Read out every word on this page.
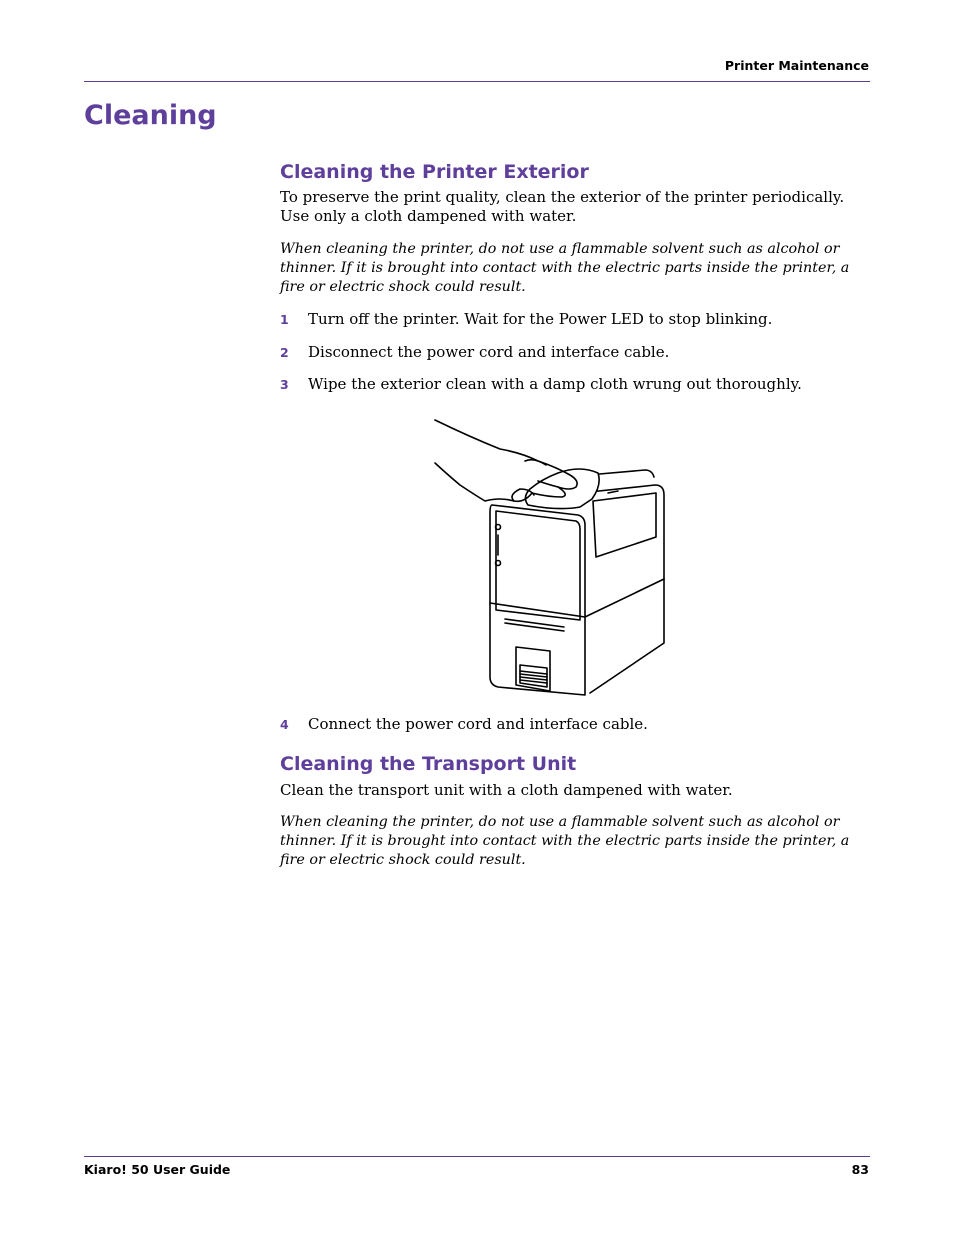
Printer Maintenance
Cleaning
Cleaning the Printer Exterior

To preserve the print quality, clean the exterior of the printer periodically. Use only a cloth dampened with water.

When cleaning the printer, do not use a flammable solvent such as alcohol or thinner. If it is brought into contact with the electric parts inside the printer, a fire or electric shock could result.

1 Turn off the printer. Wait for the Power LED to stop blinking.
2 Disconnect the power cord and interface cable.
3 Wipe the exterior clean with a damp cloth wrung out thoroughly.
4 Connect the power cord and interface cable.
Cleaning the Transport Unit

Clean the transport unit with a cloth dampened with water.

When cleaning the printer, do not use a flammable solvent such as alcohol or thinner. If it is brought into contact with the electric parts inside the printer, a fire or electric shock could result.

Kiaro! 50 User Guide	83
